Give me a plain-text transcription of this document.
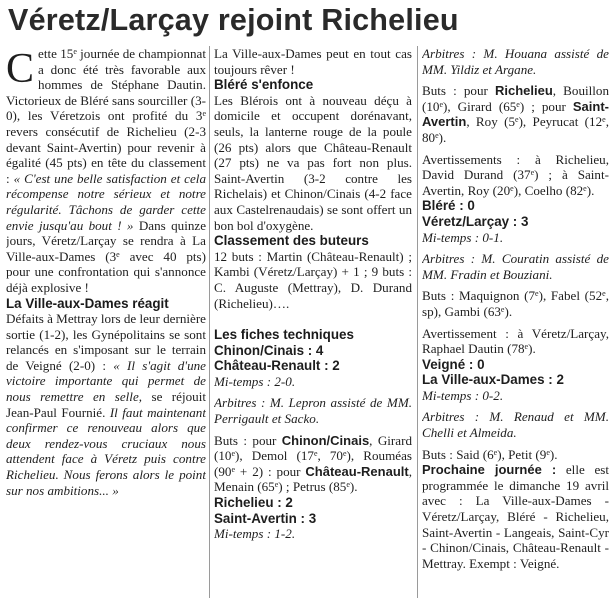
Véretz/Larçay rejoint Richelieu

Cette 15e journée de championnat a donc été très favorable aux hommes de Stéphane Dautin. Victorieux de Bléré sans sourciller (3-0), les Véretzois ont profité du 3e revers consécutif de Richelieu (2-3 devant Saint-Avertin) pour revenir à égalité (45 pts) en tête du classement : « C'est une belle satisfaction et cela récompense notre sérieux et notre régularité. Tâchons de garder cette envie jusqu'au bout ! » Dans quinze jours, Véretz/Larçay se rendra à La Ville-aux-Dames (3e avec 40 pts) pour une confrontation qui s'annonce déjà explosive !

La Ville-aux-Dames réagit

Défaits à Mettray lors de leur dernière sortie (1-2), les Gynépolitains se sont relancés en s'imposant sur le terrain de Veigné (2-0) : « Il s'agit d'une victoire importante qui permet de nous remettre en selle, se réjouit Jean-Paul Fournié. Il faut maintenant confirmer ce renouveau alors que deux rendez-vous cruciaux nous attendent face à Véretz puis contre Richelieu. Nous ferons alors le point sur nos ambitions... »

La Ville-aux-Dames peut en tout cas toujours rêver !

Bléré s'enfonce

Les Blérois ont à nouveau déçu à domicile et occupent dorénavant, seuls, la lanterne rouge de la poule (26 pts) alors que Château-Renault (27 pts) ne va pas fort non plus. Saint-Avertin (3-2 contre les Richelais) et Chinon/Cinais (4-2 face aux Castelrenaudais) se sont offert un bon bol d'oxygène.

Classement des buteurs

12 buts : Martin (Château-Renault) ; Kambi (Véretz/Larçay) + 1 ; 9 buts : C. Auguste (Mettray), D. Durand (Richelieu)….

Les fiches techniques
Chinon/Cinais : 4
Château-Renault : 2

Mi-temps : 2-0.

Arbitres : M. Lepron assisté de MM. Perrigault et Sacko.

Buts : pour Chinon/Cinais, Girard (10e), Demol (17e, 70e), Rouméas $(90^e + 2)$ : pour Château-Renault, Menain (65e) ; Petrus (85e).

Richelieu : 2
Saint-Avertin : 3

Mi-temps : 1-2.

Arbitres : M. Houana assisté de MM. Yildiz et Argane.

Buts : pour Richelieu, Bouillon (10e), Girard (65e) ; pour Saint-Avertin, Roy (5e), Peyrucat (12e, 80e).

Avertissements : à Richelieu, David Durand (37e) ; à Saint-Avertin, Roy (20e), Coelho (82e).

Bléré : 0
Véretz/Larçay : 3

Mi-temps : 0-1.

Arbitres : M. Couratin assisté de MM. Fradin et Bouziani.

Buts : Maquignon (7e), Fabel (52e, sp), Gambi (63e).

Avertissement : à Véretz/Larçay, Raphael Dautin (78e).

Veigné : 0
La Ville-aux-Dames : 2

Mi-temps : 0-2.

Arbitres : M. Renaud et MM. Chelli et Almeida.

Buts : Said (6e), Petit (9e).

Prochaine journée : elle est programmée le dimanche 19 avril avec : La Ville-aux-Dames - Véretz/Larçay, Bléré - Richelieu, Saint-Avertin - Langeais, Saint-Cyr - Chinon/Cinais, Château-Renault - Mettray. Exempt : Veigné.
